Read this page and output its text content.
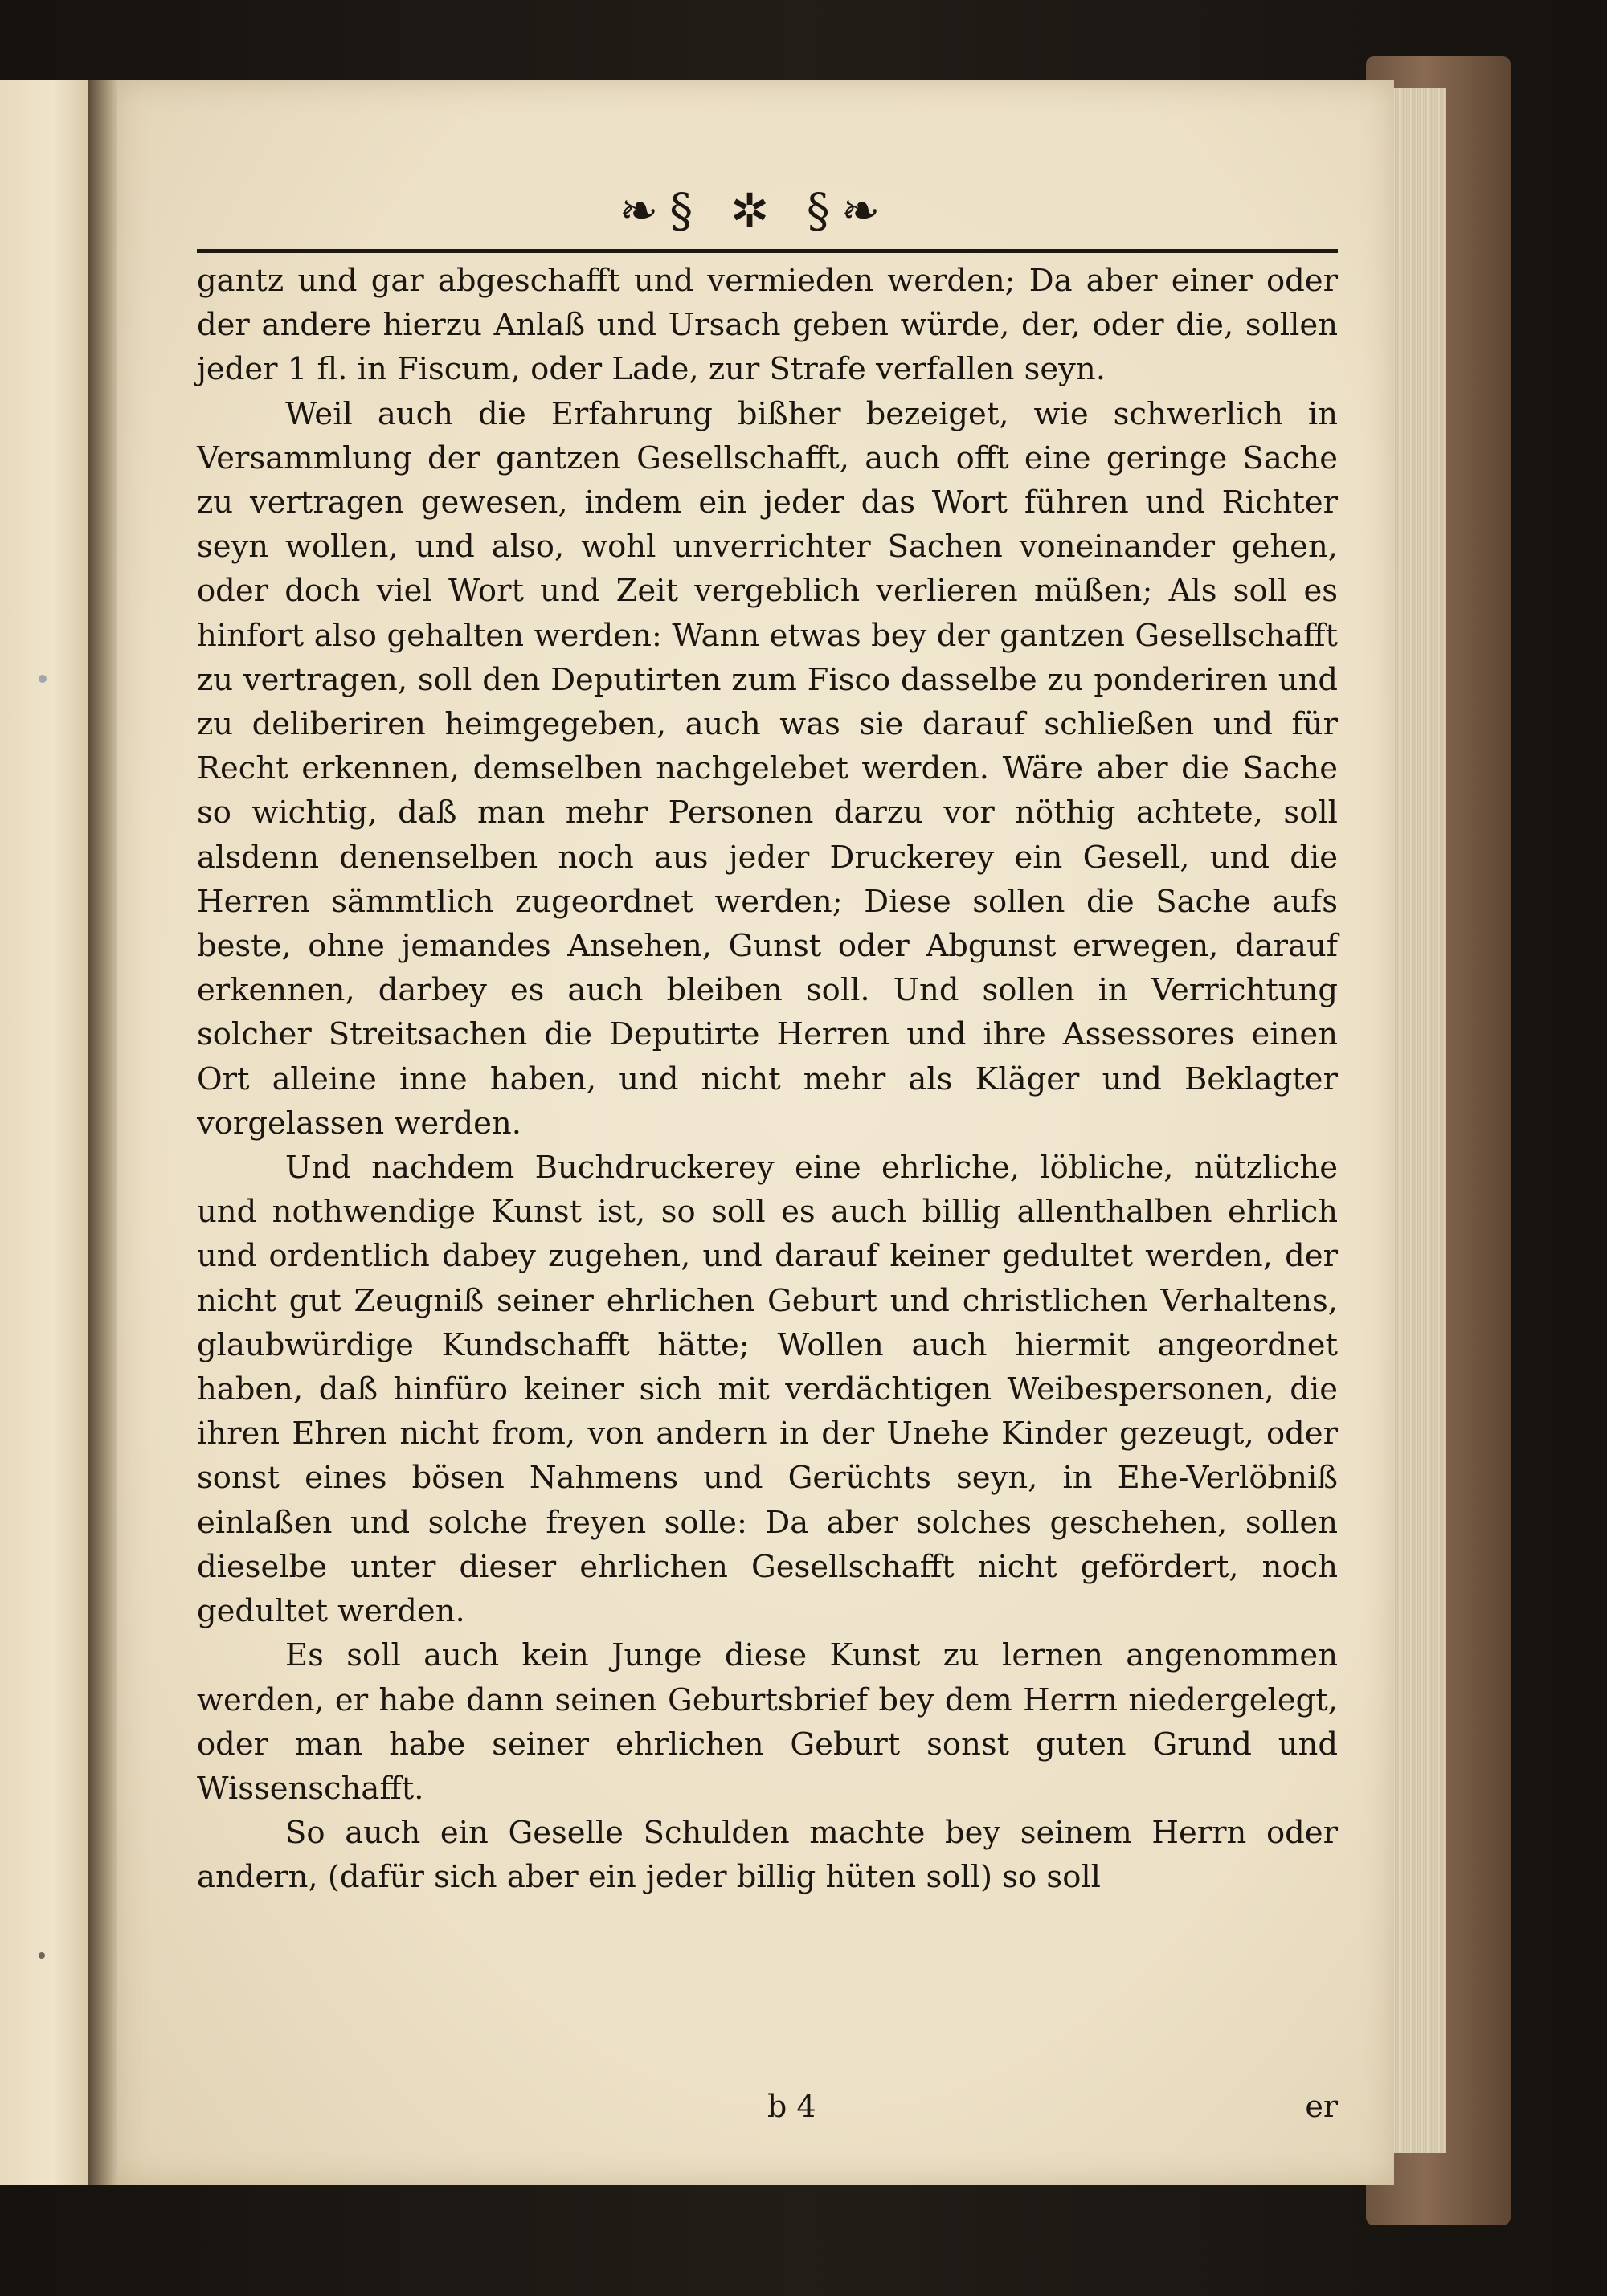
❧§ ✲ §❧

gantz und gar abgeschafft und vermieden werden; Da aber einer oder der andere hierzu Anlaß und Ursach geben würde, der, oder die, sollen jeder 1 fl. in Fiscum, oder Lade, zur Strafe verfallen seyn.

Weil auch die Erfahrung bißher bezeiget, wie schwerlich in Versammlung der gantzen Gesellschafft, auch offt eine geringe Sache zu vertragen gewesen, indem ein jeder das Wort führen und Richter seyn wollen, und also, wohl unverrichter Sachen voneinander gehen, oder doch viel Wort und Zeit vergeblich verlieren müßen; Als soll es hinfort also gehalten werden: Wann etwas bey der gantzen Gesellschafft zu vertragen, soll den Deputirten zum Fisco dasselbe zu ponderiren und zu deliberiren heimgegeben, auch was sie darauf schließen und für Recht erkennen, demselben nachgelebet werden. Wäre aber die Sache so wichtig, daß man mehr Personen darzu vor nöthig achtete, soll alsdenn denenselben noch aus jeder Druckerey ein Gesell, und die Herren sämmtlich zugeordnet werden; Diese sollen die Sache aufs beste, ohne jemandes Ansehen, Gunst oder Abgunst erwegen, darauf erkennen, darbey es auch bleiben soll. Und sollen in Verrichtung solcher Streitsachen die Deputirte Herren und ihre Assessores einen Ort alleine inne haben, und nicht mehr als Kläger und Beklagter vorgelassen werden.

Und nachdem Buchdruckerey eine ehrliche, löbliche, nützliche und nothwendige Kunst ist, so soll es auch billig allenthalben ehrlich und ordentlich dabey zugehen, und darauf keiner gedultet werden, der nicht gut Zeugniß seiner ehrlichen Geburt und christlichen Verhaltens, glaubwürdige Kundschafft hätte; Wollen auch hiermit angeordnet haben, daß hinfüro keiner sich mit verdächtigen Weibespersonen, die ihren Ehren nicht from, von andern in der Unehe Kinder gezeugt, oder sonst eines bösen Nahmens und Gerüchts seyn, in Ehe-Verlöbniß einlaßen und solche freyen solle: Da aber solches geschehen, sollen dieselbe unter dieser ehrlichen Gesellschafft nicht gefördert, noch gedultet werden.

Es soll auch kein Junge diese Kunst zu lernen angenommen werden, er habe dann seinen Geburtsbrief bey dem Herrn niedergelegt, oder man habe seiner ehrlichen Geburt sonst guten Grund und Wissenschafft.

So auch ein Geselle Schulden machte bey seinem Herrn oder andern, (dafür sich aber ein jeder billig hüten soll) so soll

b 4	er
